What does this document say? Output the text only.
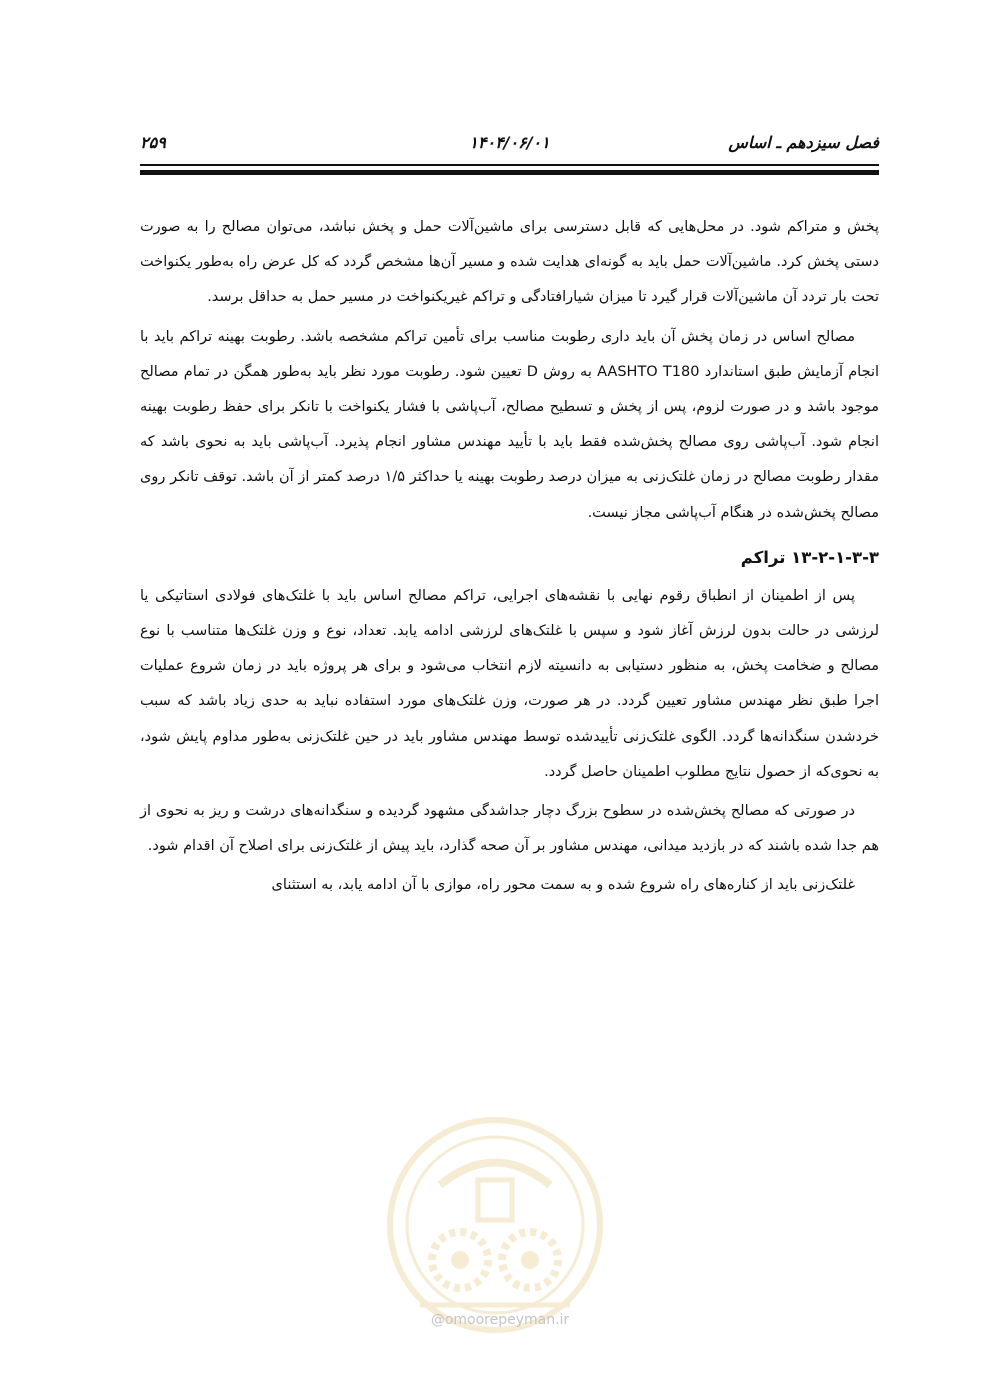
فصل سیزدهم ـ اساس
۱۴۰۴/۰۶/۰۱
۲۵۹
@omoorepeyman.ir

پخش و متراکم شود. در محل‌هایی که قابل دسترسی برای ماشین‌آلات حمل و پخش نباشد، می‌توان مصالح را به صورت دستی پخش کرد. ماشین‌آلات حمل باید به گونه‌ای هدایت شده و مسیر آن‌ها مشخص گردد که کل عرض راه به‌طور یکنواخت تحت بار تردد آن ماشین‌آلات قرار گیرد تا میزان شیارافتادگی و تراکم غیریکنواخت در مسیر حمل به حداقل برسد.

مصالح اساس در زمان پخش آن باید داری رطوبت مناسب برای تأمین تراکم مشخصه باشد. رطوبت بهینه تراکم باید با انجام آزمایش طبق استاندارد AASHTO T180 به روش D تعیین شود. رطوبت مورد نظر باید به‌طور همگن در تمام مصالح موجود باشد و در صورت لزوم، پس از پخش و تسطیح مصالح، آب‌پاشی با فشار یکنواخت با تانکر برای حفظ رطوبت بهینه انجام شود. آب‌پاشی روی مصالح پخش‌شده فقط باید با تأیید مهندس مشاور انجام پذیرد. آب‌پاشی باید به نحوی باشد که مقدار رطوبت مصالح در زمان غلتک‌زنی به میزان درصد رطوبت بهینه یا حداکثر ۱/۵ درصد کمتر از آن باشد. توقف تانکر روی مصالح پخش‌شده در هنگام آب‌پاشی مجاز نیست.

۱۳-۲-۱-۳-۳ تراکم

پس از اطمینان از انطباق رقوم نهایی با نقشه‌های اجرایی، تراکم مصالح اساس باید با غلتک‌های فولادی استاتیکی یا لرزشی در حالت بدون لرزش آغاز شود و سپس با غلتک‌های لرزشی ادامه یابد. تعداد، نوع و وزن غلتک‌ها متناسب با نوع مصالح و ضخامت پخش، به منظور دستیابی به دانسیته لازم انتخاب می‌شود و برای هر پروژه باید در زمان شروع عملیات اجرا طبق نظر مهندس مشاور تعیین گردد. در هر صورت، وزن غلتک‌های مورد استفاده نباید به حدی زیاد باشد که سبب خردشدن سنگدانه‌ها گردد. الگوی غلتک‌زنی تأییدشده توسط مهندس مشاور باید در حین غلتک‌زنی به‌طور مداوم پایش شود، به نحوی‌که از حصول نتایج مطلوب اطمینان حاصل گردد.

در صورتی که مصالح پخش‌شده در سطوح بزرگ دچار جداشدگی مشهود گردیده و سنگدانه‌های درشت و ریز به نحوی از هم جدا شده باشند که در بازدید میدانی، مهندس مشاور بر آن صحه گذارد، باید پیش از غلتک‌زنی برای اصلاح آن اقدام شود.

غلتک‌زنی باید از کناره‌های راه شروع شده و به سمت محور راه، موازی با آن ادامه یابد، به استثنای
